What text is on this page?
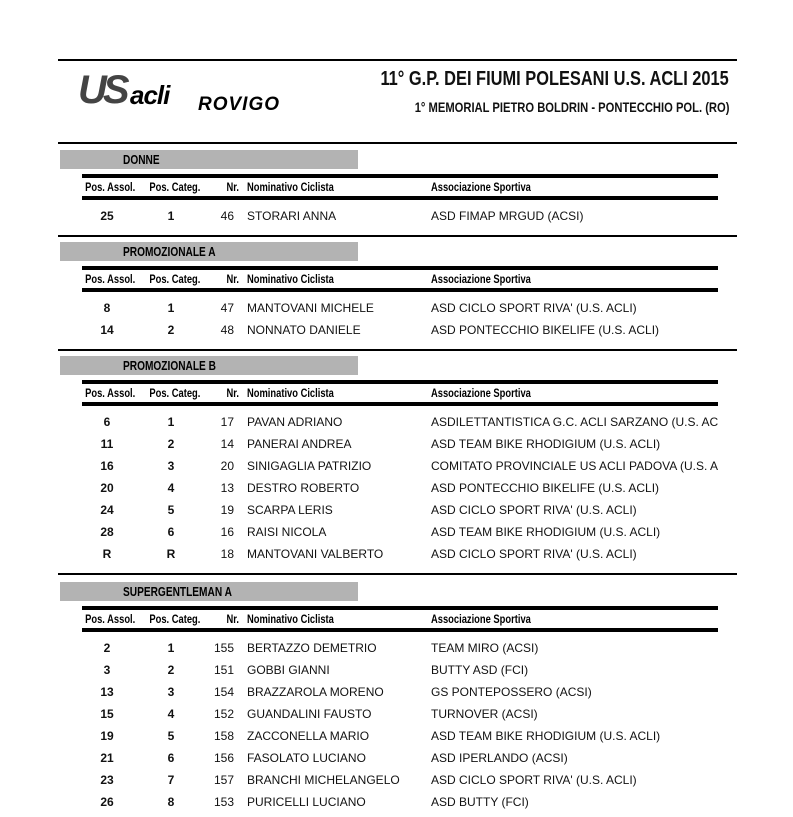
US acli ROVIGO
11° G.P. DEI FIUMI POLESANI U.S. ACLI 2015
1° MEMORIAL PIETRO BOLDRIN - PONTECCHIO POL. (RO)
DONNE
Pos. Assol. Pos. Categ. Nr. Nominativo Ciclista	Associazione Sportiva
25	1	46 STORARI ANNA	ASD FIMAP MRGUD (ACSI)
PROMOZIONALE A
Pos. Assol. Pos. Categ. Nr. Nominativo Ciclista	Associazione Sportiva
8	1	47 MANTOVANI MICHELE	ASD CICLO SPORT RIVA' (U.S. ACLI)
14	2	48 NONNATO DANIELE	ASD PONTECCHIO BIKELIFE (U.S. ACLI)
PROMOZIONALE B
Pos. Assol. Pos. Categ. Nr. Nominativo Ciclista	Associazione Sportiva
6	1	17 PAVAN ADRIANO	ASDILETTANTISTICA G.C. ACLI SARZANO (U.S. AC
11	2	14 PANERAI ANDREA	ASD TEAM BIKE RHODIGIUM (U.S. ACLI)
16	3	20 SINIGAGLIA PATRIZIO	COMITATO PROVINCIALE US ACLI PADOVA (U.S. A
20	4	13 DESTRO ROBERTO	ASD PONTECCHIO BIKELIFE (U.S. ACLI)
24	5	19 SCARPA LERIS	ASD CICLO SPORT RIVA' (U.S. ACLI)
28	6	16 RAISI NICOLA	ASD TEAM BIKE RHODIGIUM (U.S. ACLI)
R	R	18 MANTOVANI VALBERTO	ASD CICLO SPORT RIVA' (U.S. ACLI)
SUPERGENTLEMAN A
Pos. Assol. Pos. Categ. Nr. Nominativo Ciclista	Associazione Sportiva
2	1	155 BERTAZZO DEMETRIO	TEAM MIRO (ACSI)
3	2	151 GOBBI GIANNI	BUTTY ASD (FCI)
13	3	154 BRAZZAROLA MORENO	GS PONTEPOSSERO (ACSI)
15	4	152 GUANDALINI FAUSTO	TURNOVER (ACSI)
19	5	158 ZACCONELLA MARIO	ASD TEAM BIKE RHODIGIUM (U.S. ACLI)
21	6	156 FASOLATO LUCIANO	ASD IPERLANDO (ACSI)
23	7	157 BRANCHI MICHELANGELO	ASD CICLO SPORT RIVA' (U.S. ACLI)
26	8	153 PURICELLI LUCIANO	ASD BUTTY (FCI)
